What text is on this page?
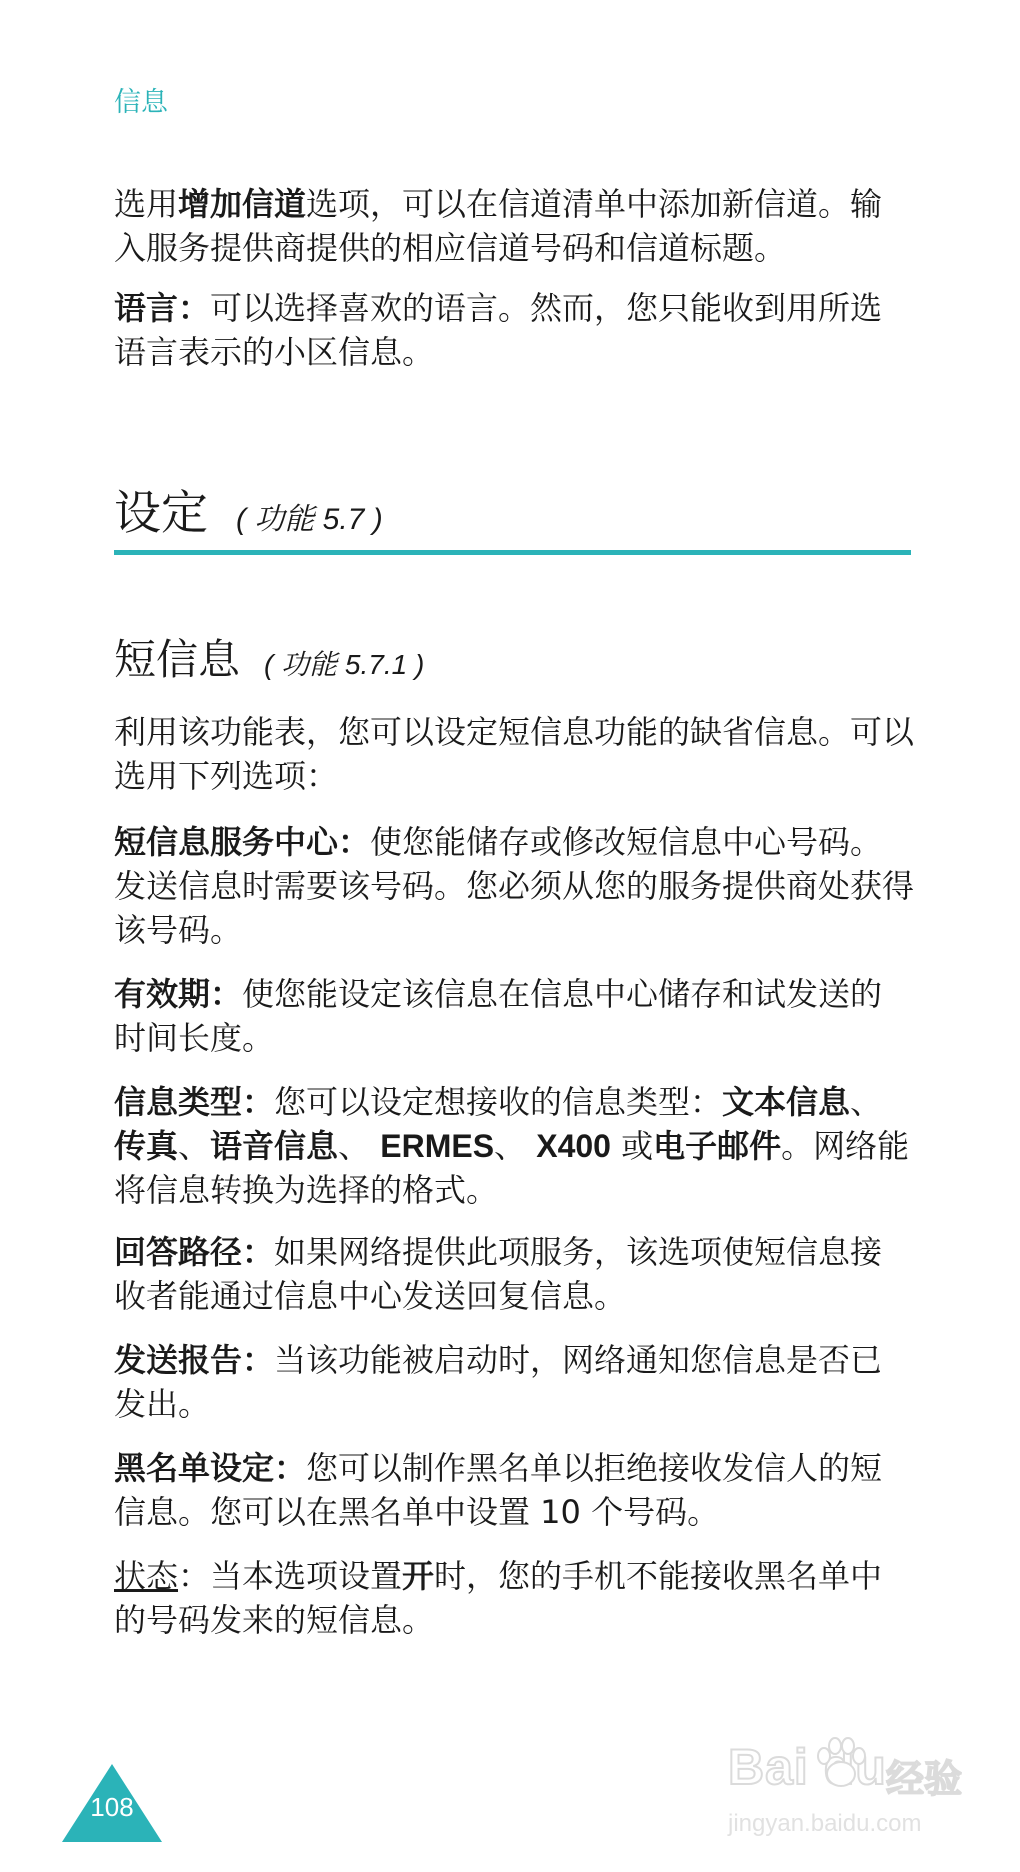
信息

选用增加信道选项，可以在信道清单中添加新信道。输入服务提供商提供的相应信道号码和信道标题。

语言：可以选择喜欢的语言。然而，您只能收到用所选语言表示的小区信息。

设定 ( 功能 5.7 )
短信息 ( 功能 5.7.1 )

利用该功能表，您可以设定短信息功能的缺省信息。可以选用下列选项：

短信息服务中心：使您能储存或修改短信息中心号码。发送信息时需要该号码。您必须从您的服务提供商处获得该号码。

有效期：使您能设定该信息在信息中心储存和试发送的时间长度。

信息类型：您可以设定想接收的信息类型：文本信息、传真、语音信息、 ERMES、 X400 或电子邮件。网络能将信息转换为选择的格式。

回答路径：如果网络提供此项服务，该选项使短信息接收者能通过信息中心发送回复信息。

发送报告：当该功能被启动时，网络通知您信息是否已发出。

黑名单设定：您可以制作黑名单以拒绝接收发信人的短信息。您可以在黑名单中设置 10 个号码。

状态：当本选项设置开时，您的手机不能接收黑名单中的号码发来的短信息。

108
Bai du 经验
jingyan.baidu.com
